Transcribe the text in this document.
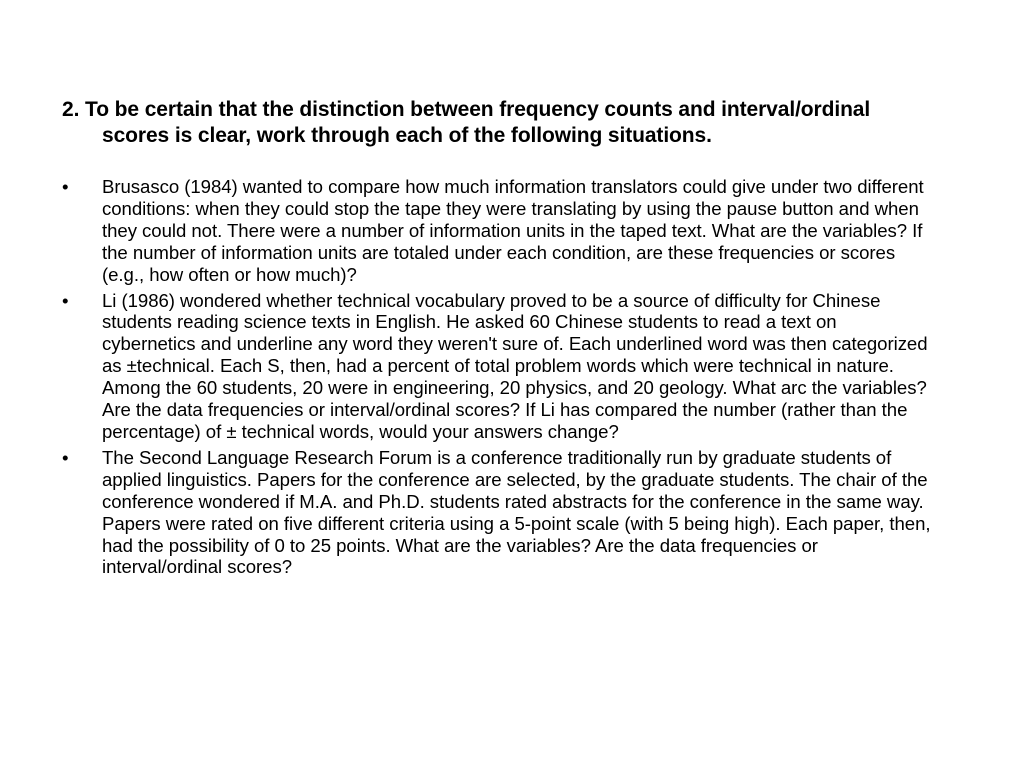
2. To be certain that the distinction between frequency counts and interval/ordinal scores is clear, work through each of the following situations.

•	Brusasco (1984) wanted to compare how much information translators could give under two different conditions: when they could stop the tape they were translating by using the pause button and when they could not. There were a number of information units in the taped text. What are the variables? If the number of information units are totaled under each condition, are these frequencies or scores (e.g., how often or how much)?
•	Li (1986) wondered whether technical vocabulary proved to be a source of difficulty for Chinese students reading science texts in English. He asked 60 Chinese students to read a text on cybernetics and underline any word they weren't sure of. Each underlined word was then categorized as ±technical. Each S, then, had a percent of total problem words which were technical in nature. Among the 60 students, 20 were in engineering, 20 physics, and 20 geology. What arc the variables? Are the data frequencies or interval/ordinal scores? If Li has compared the number (rather than the percentage) of ± technical words, would your answers change?
•	The Second Language Research Forum is a conference traditionally run by graduate students of applied linguistics. Papers for the conference are selected, by the graduate students. The chair of the conference wondered if M.A. and Ph.D. students rated abstracts for the conference in the same way. Papers were rated on five different criteria using a 5-point scale (with 5 being high). Each paper, then, had the possibility of 0 to 25 points. What are the variables? Are the data frequencies or interval/ordinal scores?
